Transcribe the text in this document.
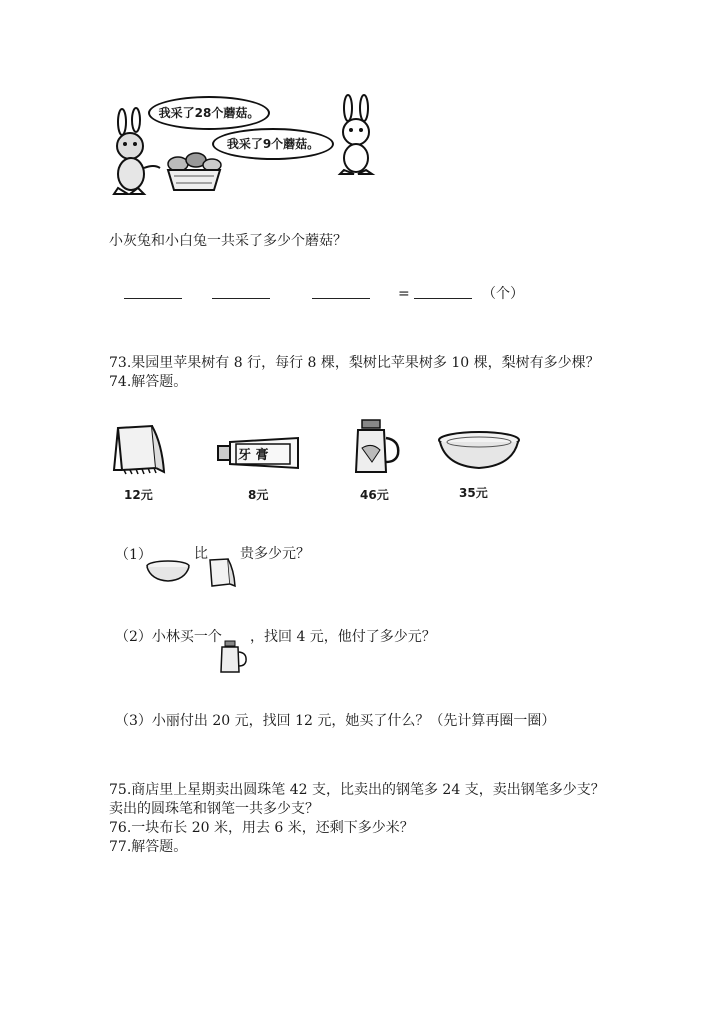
我采了28个蘑菇。
我采了9个蘑菇。
小灰兔和小白兔一共采了多少个蘑菇？
=	（个）
73.果园里苹果树有 8 行，每行 8 棵，梨树比苹果树多 10 棵，梨树有多少棵？
74.解答题。
12元
牙 膏
8元	46元	35元
（1）	比 贵多少元？
（2）小林买一个 ，找回 4 元，他付了多少元？
（3）小丽付出 20 元，找回 12 元，她买了什么？（先计算再圈一圈）
75.商店里上星期卖出圆珠笔 42 支，比卖出的钢笔多 24 支，卖出钢笔多少支？
卖出的圆珠笔和钢笔一共多少支？
76.一块布长 20 米，用去 6 米，还剩下多少米？
77.解答题。
